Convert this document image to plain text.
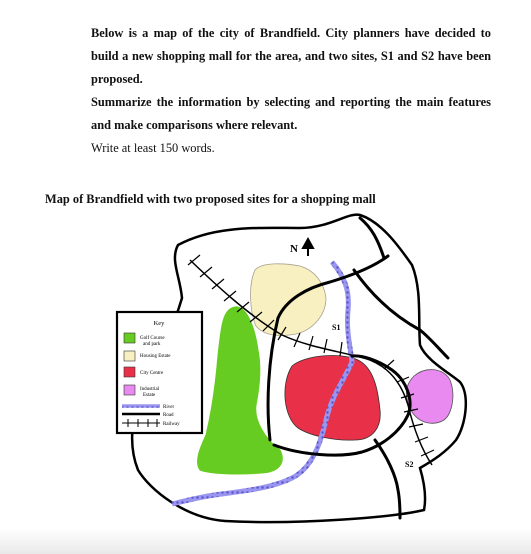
Below is a map of the city of Brandfield. City planners have decided to build a new shopping mall for the area, and two sites, S1 and S2 have been proposed.

Summarize the information by selecting and reporting the main features and make comparisons where relevant.

Write at least 150 words.

Map of Brandfield with two proposed sites for a shopping mall
N
S1
S2
Key
Golf Course
and park
Housing Estate
City Centre
Industrial
Estate
River
Road
Railway
